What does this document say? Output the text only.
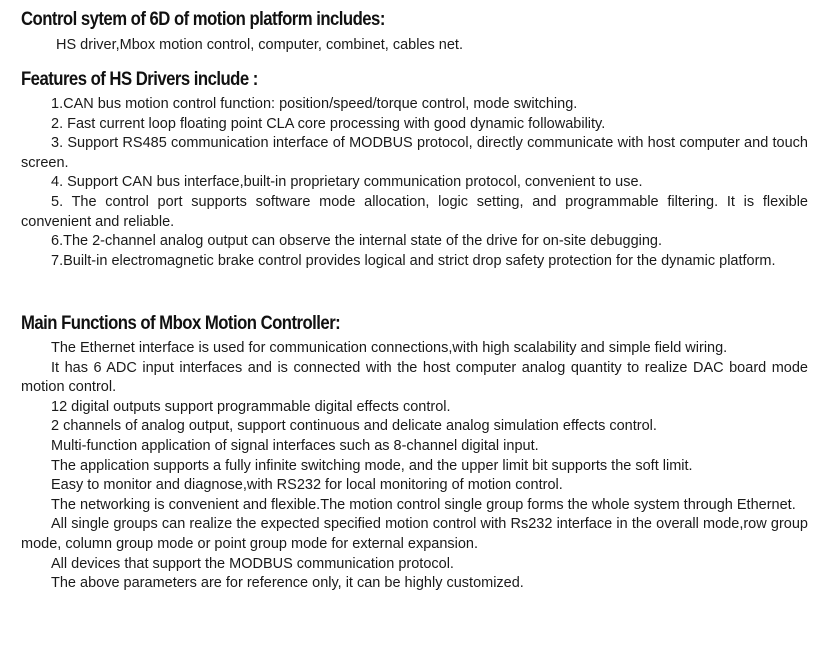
Control sytem of 6D of motion platform includes:

HS driver,Mbox motion control, computer, combinet, cables net.

Features of HS Drivers include :

1.CAN bus motion control function: position/speed/torque control, mode switching.

2. Fast current loop floating point CLA core processing with good dynamic followability.

3. Support RS485 communication interface of MODBUS protocol, directly communicate with host computer and touch screen.

4. Support CAN bus interface,built-in proprietary communication protocol, convenient to use.

5. The control port supports software mode allocation, logic setting, and programmable filtering. It is flexible convenient and reliable.

6.The 2-channel analog output can observe the internal state of the drive for on-site debugging.

7.Built-in electromagnetic brake control provides logical and strict drop safety protection for the dynamic platform.

Main Functions of Mbox Motion Controller:

The Ethernet interface is used for communication connections,with high scalability and simple field wiring.

It has 6 ADC input interfaces and is connected with the host computer analog quantity to realize DAC board mode motion control.

12 digital outputs support programmable digital effects control.

2 channels of analog output, support continuous and delicate analog simulation effects control.

Multi-function application of signal interfaces such as 8-channel digital input.

The application supports a fully infinite switching mode, and the upper limit bit supports the soft limit.

Easy to monitor and diagnose,with RS232 for local monitoring of motion control.

The networking is convenient and flexible.The motion control single group forms the whole system through Ethernet.

All single groups can realize the expected specified motion control with Rs232 interface in the overall mode,row group mode, column group mode or point group mode for external expansion.

All devices that support the MODBUS communication protocol.

The above parameters are for reference only, it can be highly customized.
